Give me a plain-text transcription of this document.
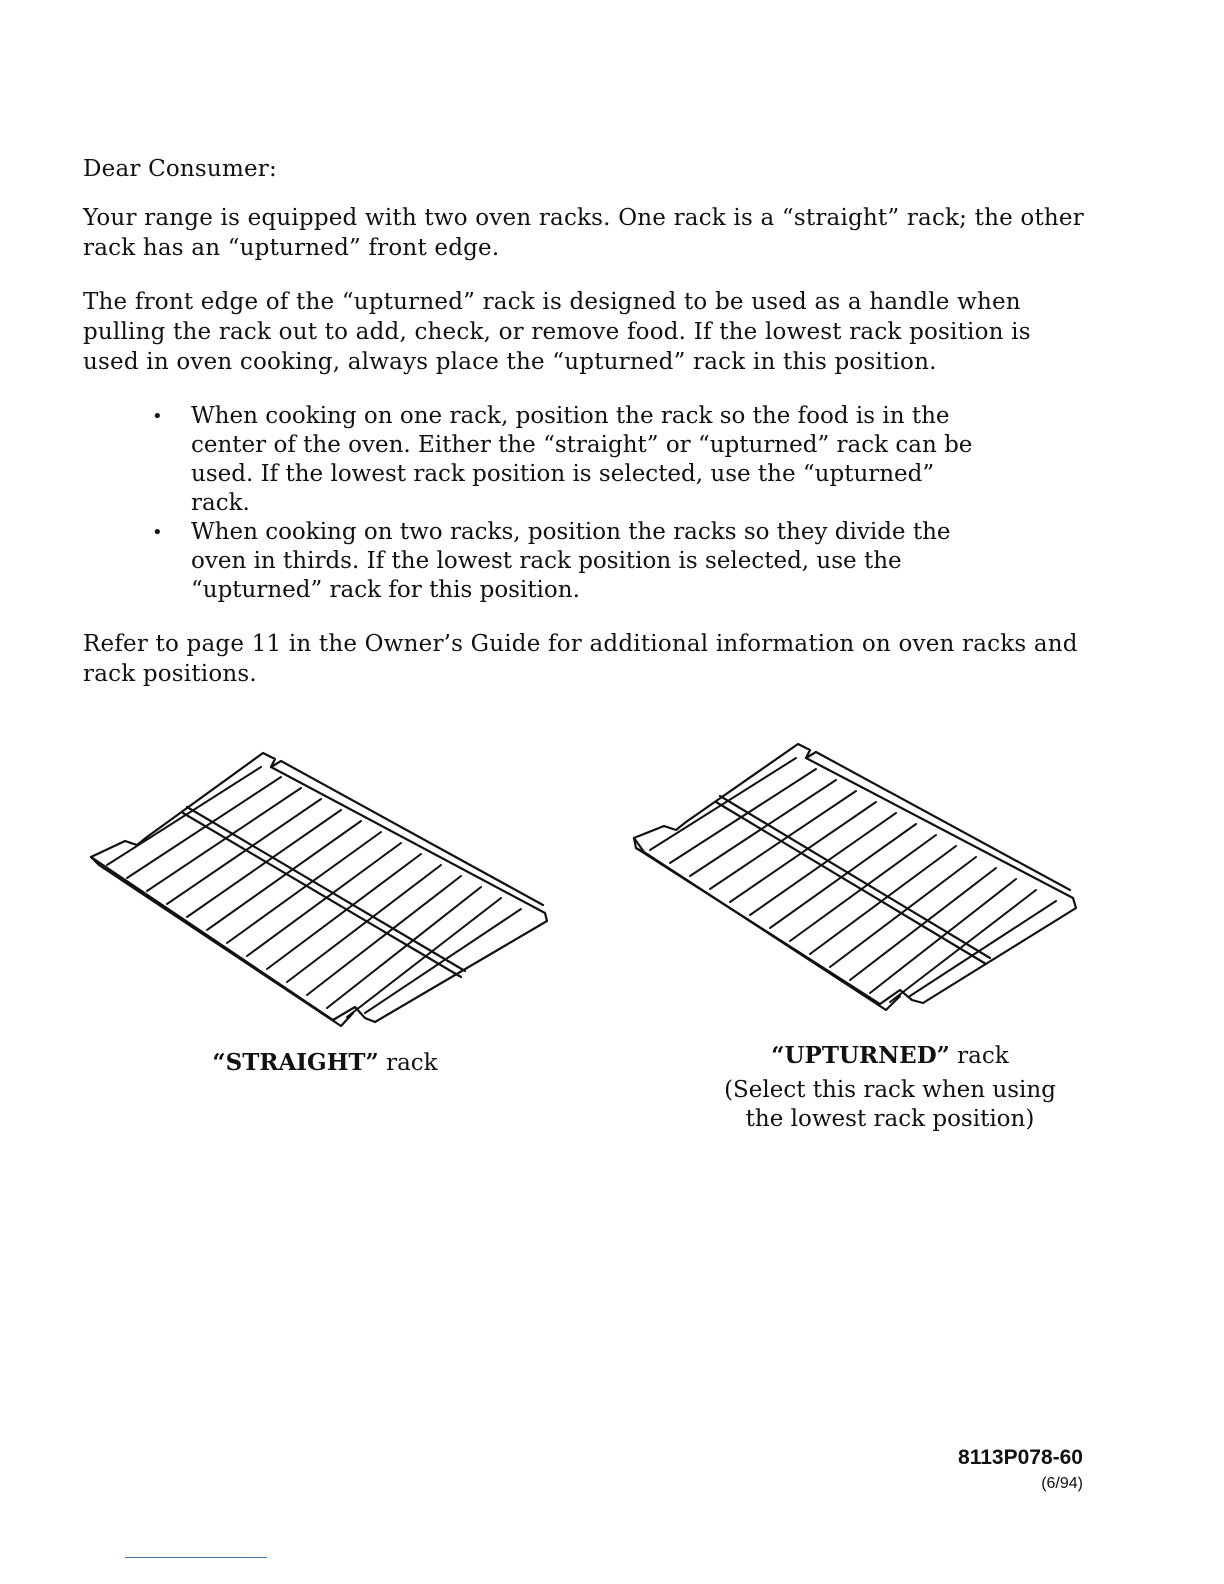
Dear Consumer:
Your range is equipped with two oven racks. One rack is a “straight” rack; the other rack has an “upturned” front edge.
The front edge of the “upturned” rack is designed to be used as a handle when pulling the rack out to add, check, or remove food. If the lowest rack position is used in oven cooking, always place the “upturned” rack in this position.
• When cooking on one rack, position the rack so the food is in the center of the oven. Either the “straight” or “upturned” rack can be used. If the lowest rack position is selected, use the “upturned” rack.
• When cooking on two racks, position the racks so they divide the oven in thirds. If the lowest rack position is selected, use the “upturned” rack for this position.
Refer to page 11 in the Owner’s Guide for additional information on oven racks and rack positions.
“STRAIGHT” rack	“UPTURNED” rack
(Select this rack when using
the lowest rack position)
8113P078-60
(6/94)
